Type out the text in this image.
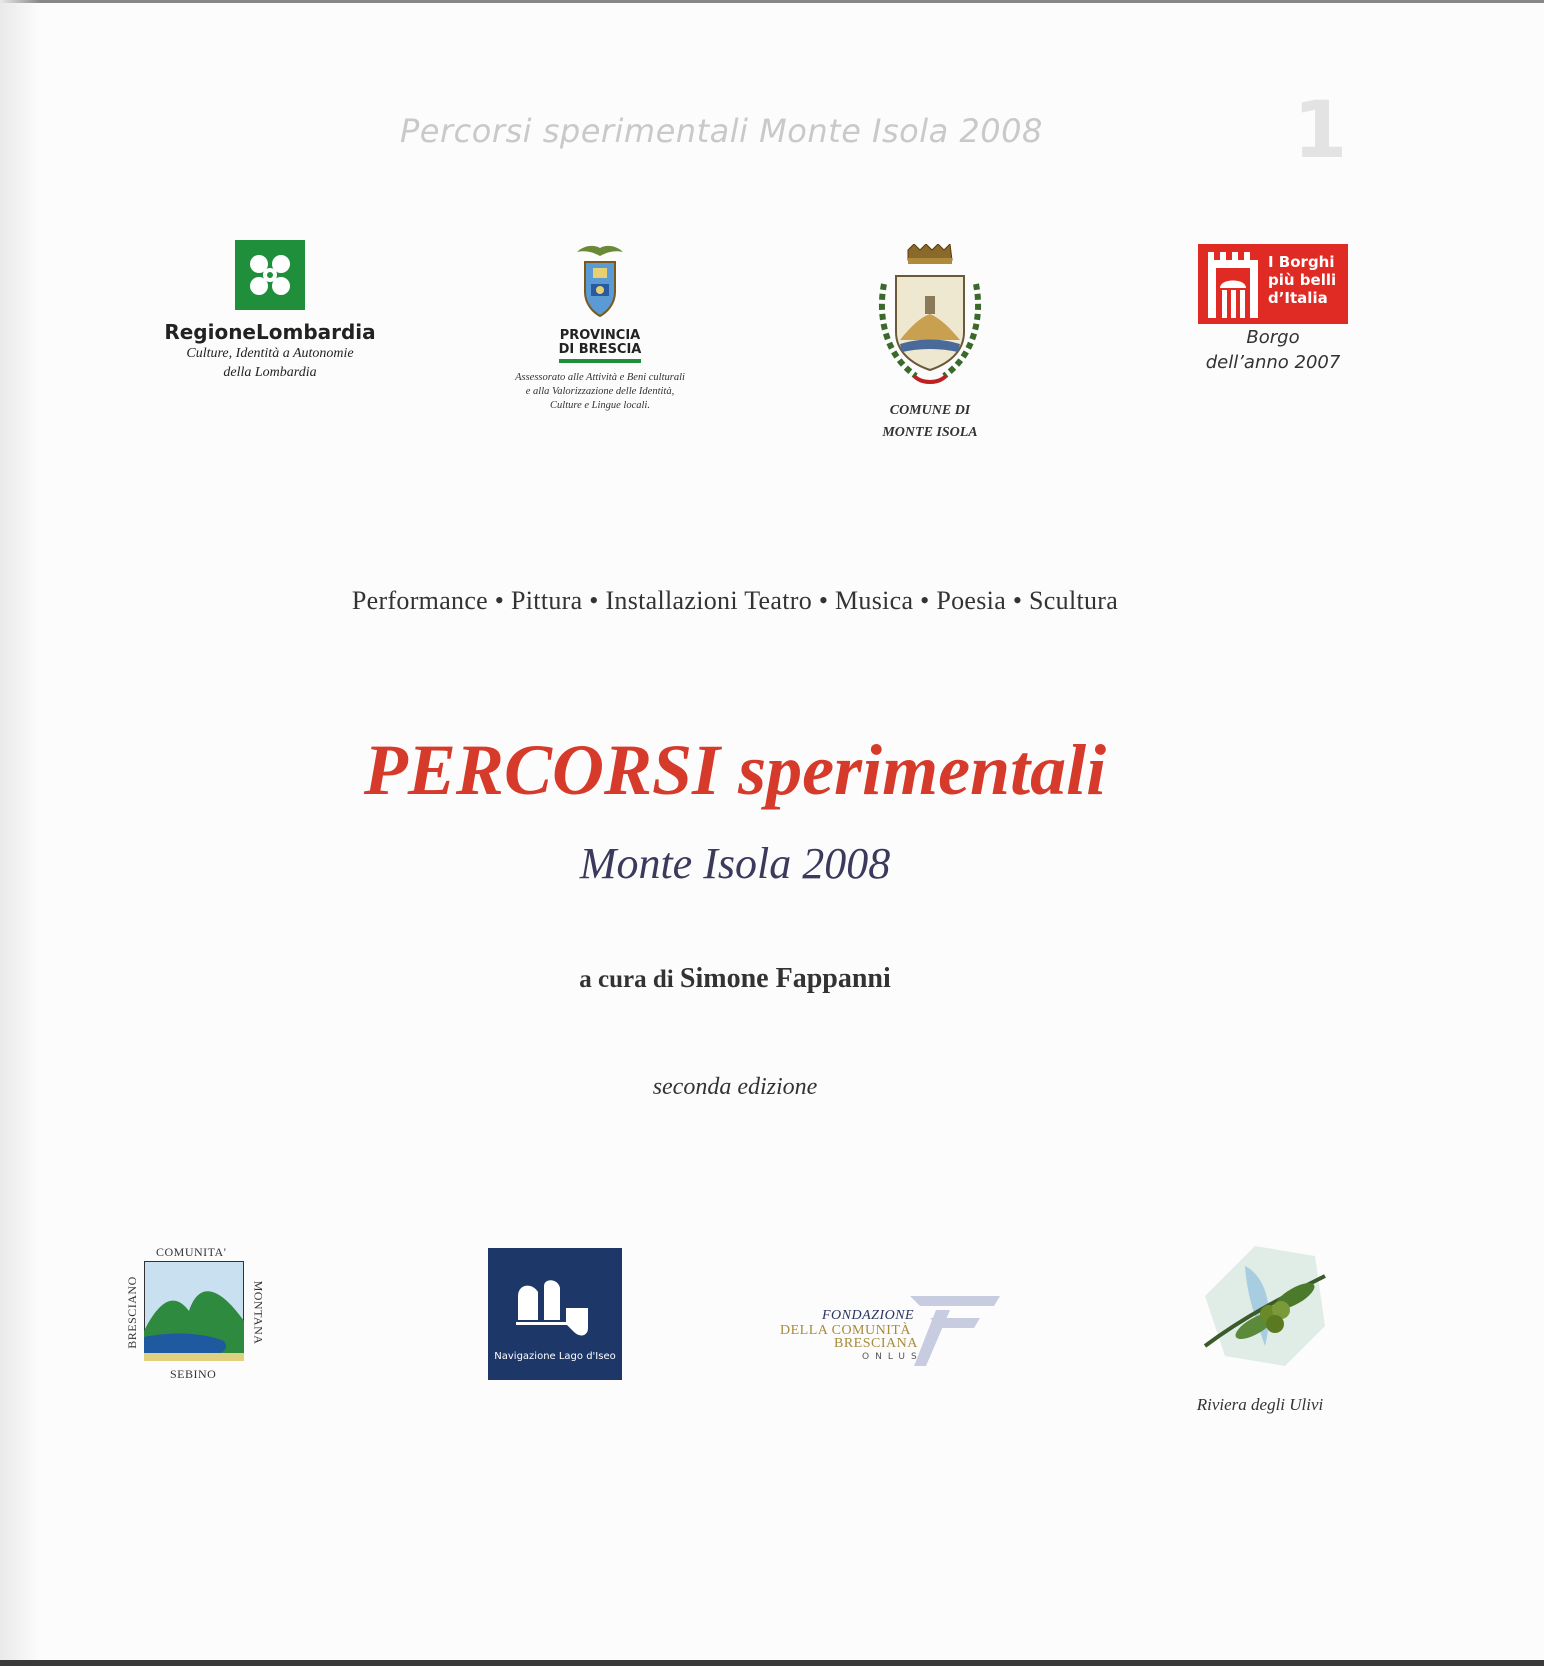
Percorsi sperimentali Monte Isola 2008	1
RegioneLombardia
Culture, Identità a Autonomie
della Lombardia
PROVINCIA
DI BRESCIA
Assessorato alle Attività e Beni culturali
e alla Valorizzazione delle Identità,
Culture e Lingue locali.	COMUNE DI
MONTE ISOLA
I Borghi
più belli
d’Italia
Borgo
dell’anno 2007
Performance • Pittura • Installazioni Teatro • Musica • Poesia • Scultura
PERCORSI sperimentali
Monte Isola 2008
a cura di Simone Fappanni
seconda edizione
COMUNITA'
BRESCIANO	MONTANA
SEBINO
Navigazione Lago d'Iseo
FONDAZIONE
DELLA COMUNITÀ
BRESCIANA
ONLUS
Riviera degli Ulivi
